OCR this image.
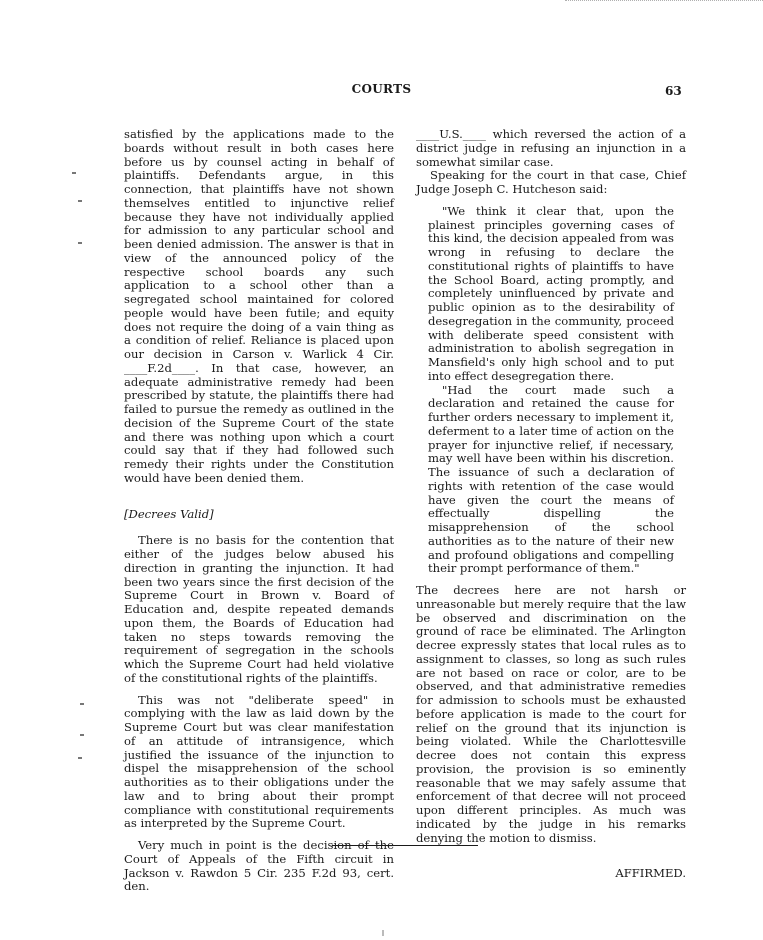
COURTS	63

satisfied by the applications made to the boards without result in both cases here before us by counsel acting in behalf of plaintiffs. Defendants argue, in this connection, that plaintiffs have not shown themselves entitled to injunctive relief because they have not individually applied for admission to any particular school and been denied admission. The answer is that in view of the announced policy of the respective school boards any such application to a school other than a segregated school maintained for colored people would have been futile; and equity does not require the doing of a vain thing as a condition of relief. Reliance is placed upon our decision in Carson v. Warlick 4 Cir. ____F.2d____. In that case, however, an adequate administrative remedy had been prescribed by statute, the plaintiffs there had failed to pursue the remedy as outlined in the decision of the Supreme Court of the state and there was nothing upon which a court could say that if they had followed such remedy their rights under the Constitution would have been denied them.

[Decrees Valid]

There is no basis for the contention that either of the judges below abused his direction in granting the injunction. It had been two years since the first decision of the Supreme Court in Brown v. Board of Education and, despite repeated demands upon them, the Boards of Education had taken no steps towards removing the requirement of segregation in the schools which the Supreme Court had held violative of the constitutional rights of the plaintiffs.

This was not "deliberate speed" in complying with the law as laid down by the Supreme Court but was clear manifestation of an attitude of intransigence, which justified the issuance of the injunction to dispel the misapprehension of the school authorities as to their obligations under the law and to bring about their prompt compliance with constitutional requirements as interpreted by the Supreme Court.

Very much in point is the decision of the Court of Appeals of the Fifth circuit in Jackson v. Rawdon 5 Cir. 235 F.2d 93, cert. den.

____U.S.____ which reversed the action of a district judge in refusing an injunction in a somewhat similar case.

Speaking for the court in that case, Chief Judge Joseph C. Hutcheson said:

"We think it clear that, upon the plainest principles governing cases of this kind, the decision appealed from was wrong in refusing to declare the constitutional rights of plaintiffs to have the School Board, acting promptly, and completely uninfluenced by private and public opinion as to the desirability of desegregation in the community, proceed with deliberate speed consistent with administration to abolish segregation in Mansfield's only high school and to put into effect desegregation there.

"Had the court made such a declaration and retained the cause for further orders necessary to implement it, deferment to a later time of action on the prayer for injunctive relief, if necessary, may well have been within his discretion. The issuance of such a declaration of rights with retention of the case would have given the court the means of effectually dispelling the misapprehension of the school authorities as to the nature of their new and profound obligations and compelling their prompt performance of them."

The decrees here are not harsh or unreasonable but merely require that the law be observed and discrimination on the ground of race be eliminated. The Arlington decree expressly states that local rules as to assignment to classes, so long as such rules are not based on race or color, are to be observed, and that administrative remedies for admission to schools must be exhausted before application is made to the court for relief on the ground that its injunction is being violated. While the Charlottesville decree does not contain this express provision, the provision is so eminently reasonable that we may safely assume that enforcement of that decree will not proceed upon different principles. As much was indicated by the judge in his remarks denying the motion to dismiss.

AFFIRMED.
